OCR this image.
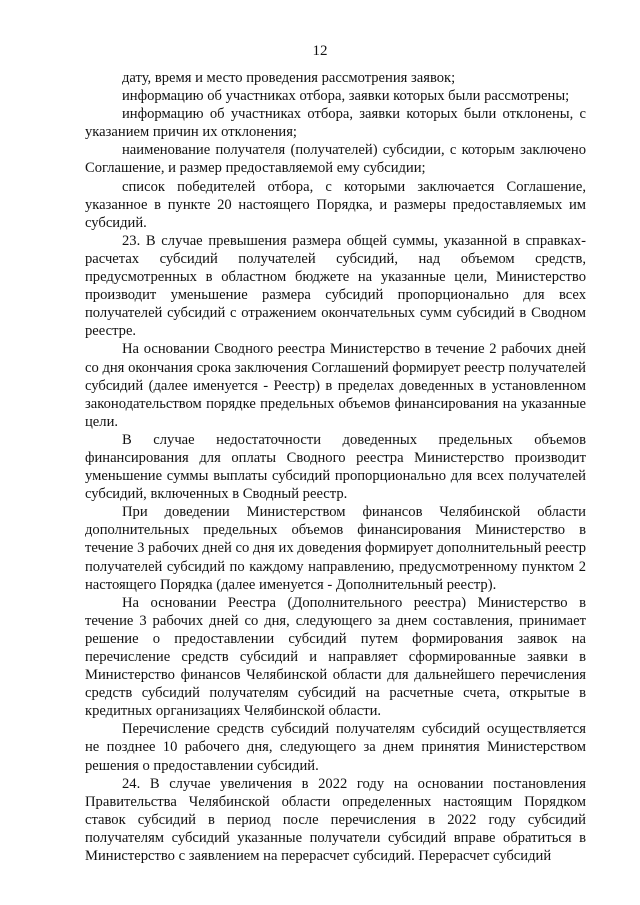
12

дату, время и место проведения рассмотрения заявок;

информацию об участниках отбора, заявки которых были рассмотрены;

информацию об участниках отбора, заявки которых были отклонены, с указанием причин их отклонения;

наименование получателя (получателей) субсидии, с которым заключено Соглашение, и размер предоставляемой ему субсидии;

список победителей отбора, с которыми заключается Соглашение, указанное в пункте 20 настоящего Порядка, и размеры предоставляемых им субсидий.

23. В случае превышения размера общей суммы, указанной в справках-расчетах субсидий получателей субсидий, над объемом средств, предусмотренных в областном бюджете на указанные цели, Министерство производит уменьшение размера субсидий пропорционально для всех получателей субсидий с отражением окончательных сумм субсидий в Сводном реестре.

На основании Сводного реестра Министерство в течение 2 рабочих дней со дня окончания срока заключения Соглашений формирует реестр получателей субсидий (далее именуется - Реестр) в пределах доведенных в установленном законодательством порядке предельных объемов финансирования на указанные цели.

В случае недостаточности доведенных предельных объемов финансирования для оплаты Сводного реестра Министерство производит уменьшение суммы выплаты субсидий пропорционально для всех получателей субсидий, включенных в Сводный реестр.

При доведении Министерством финансов Челябинской области дополнительных предельных объемов финансирования Министерство в течение 3 рабочих дней со дня их доведения формирует дополнительный реестр получателей субсидий по каждому направлению, предусмотренному пунктом 2 настоящего Порядка (далее именуется - Дополнительный реестр).

На основании Реестра (Дополнительного реестра) Министерство в течение 3 рабочих дней со дня, следующего за днем составления, принимает решение о предоставлении субсидий путем формирования заявок на перечисление средств субсидий и направляет сформированные заявки в Министерство финансов Челябинской области для дальнейшего перечисления средств субсидий получателям субсидий на расчетные счета, открытые в кредитных организациях Челябинской области.

Перечисление средств субсидий получателям субсидий осуществляется не позднее 10 рабочего дня, следующего за днем принятия Министерством решения о предоставлении субсидий.

24. В случае увеличения в 2022 году на основании постановления Правительства Челябинской области определенных настоящим Порядком ставок субсидий в период после перечисления в 2022 году субсидий получателям субсидий указанные получатели субсидий вправе обратиться в Министерство с заявлением на перерасчет субсидий. Перерасчет субсидий
